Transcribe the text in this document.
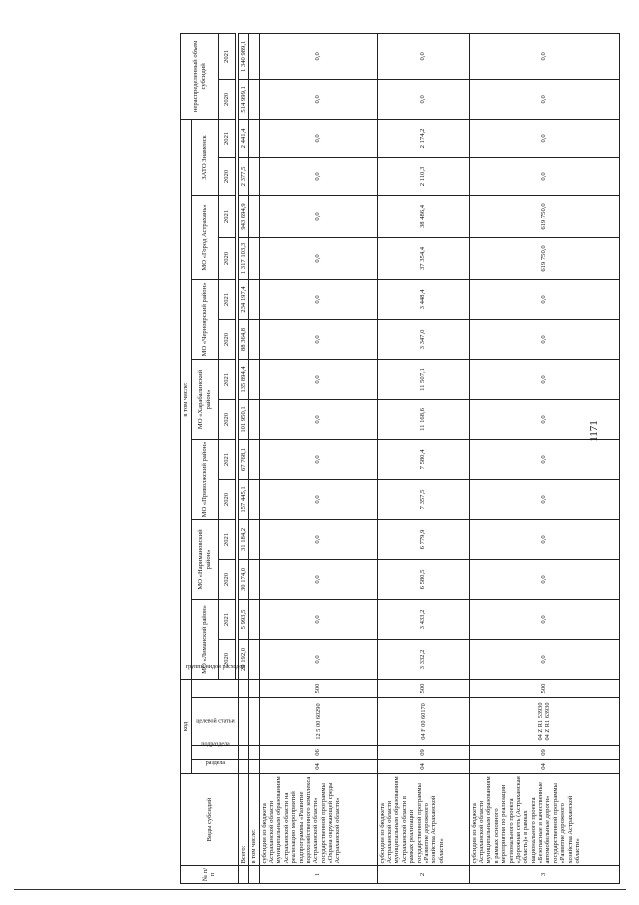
1171
№ п/п	Виды субсидий	код				в том числе:														нераспределенный объем субсидий	
		раздела	подраздела	целевой статьи	группы видов расходов	МО «Лиманский район»		МО «Наримановский район»		МО «Приволжский район»		МО «Харабалинский район»		МО «Черноярский район»		МО «Город Астрахань»		ЗАТО Знаменск			
						2020	2021	2020	2021	2020	2021	2020	2021	2020	2021	2020	2021	2020	2021	2020	2021

	Всего:					29 192,0	5 993,5	30 174,0	31 184,2	157 445,1	67 768,1	101 950,1	135 894,4	88 364,8	234 197,4	1 317 103,3	943 694,9	2 377,5	2 441,4	514 999,1	1 340 989,1
	в том числе:																				
1	субсидии из бюджета Астраханской области муниципальным образованиям Астраханской области на реализацию мероприятий подпрограммы «Развитие водохозяйственного комплекса Астраханской области» государственной программы «Охрана окружающей среды Астраханской области»	04	06	12 5 00 60290	500	0,0	0,0	0,0	0,0	0,0	0,0	0,0	0,0	0,0	0,0	0,0	0,0	0,0	0,0	0,0	0,0
2	субсидии из бюджета Астраханской области муниципальным образованиям Астраханской области в рамках реализации государственной программы «Развитие дорожного хозяйства Астраханской области»	04	09	04 F 00 60170	500	3 332,2	3 433,2	6 580,5	6 779,9	7 357,5	7 580,4	11 168,6	11 507,1	3 347,0	3 448,4	37 354,4	38 486,4	2 110,3	2 174,2	0,0	0,0
3	субсидии из бюджета Астраханской области муниципальным образованиям в рамках основного мероприятия по реализации регионального проекта «Дорожная сеть (Астраханская область)» в рамках национального проекта «Безопасные и качественные автомобильные дороги» государственной программы «Развитие дорожного хозяйства Астраханской области»	04	09	04 Z R1 53930 04 Z R1 63930	500	0,0	0,0	0,0	0,0	0,0	0,0	0,0	0,0	0,0	0,0	619 750,0	619 750,0	0,0	0,0	0,0	0,0
